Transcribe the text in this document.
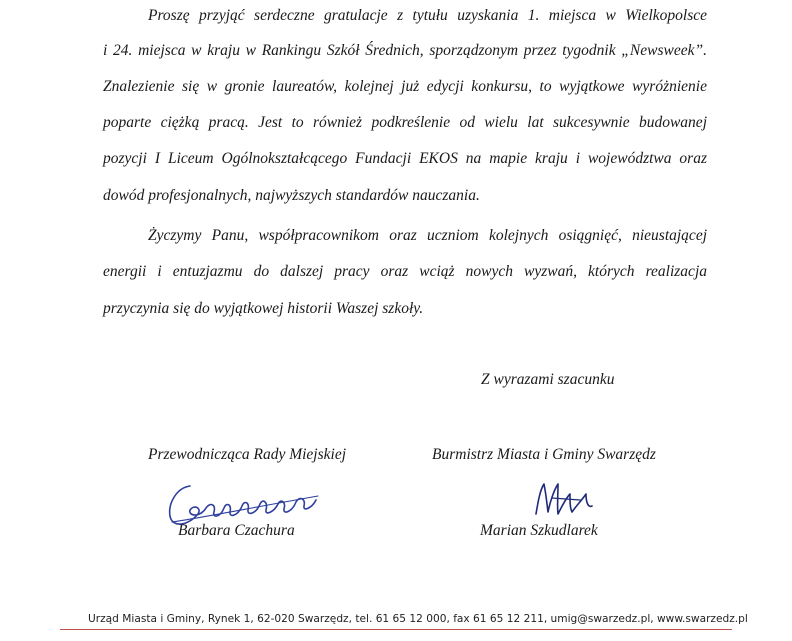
Proszę przyjąć serdeczne gratulacje z tytułu uzyskania 1. miejsca w Wielkopolsce
i 24. miejsca w kraju w Rankingu Szkół Średnich, sporządzonym przez tygodnik „Newsweek”.
Znalezienie się w gronie laureatów, kolejnej już edycji konkursu, to wyjątkowe wyróżnienie
poparte ciężką pracą. Jest to również podkreślenie od wielu lat sukcesywnie budowanej
pozycji I Liceum Ogólnokształcącego Fundacji EKOS na mapie kraju i województwa oraz
dowód profesjonalnych, najwyższych standardów nauczania.
Życzymy Panu, współpracownikom oraz uczniom kolejnych osiągnięć, nieustającej
energii i entuzjazmu do dalszej pracy oraz wciąż nowych wyzwań, których realizacja
przyczynia się do wyjątkowej historii Waszej szkoły.
Z wyrazami szacunku
Przewodnicząca Rady Miejskiej
Barbara Czachura
Burmistrz Miasta i Gminy Swarzędz
Marian Szkudlarek
Urząd Miasta i Gminy, Rynek 1, 62-020 Swarzędz, tel. 61 65 12 000, fax 61 65 12 211, umig@swarzedz.pl, www.swarzedz.pl
